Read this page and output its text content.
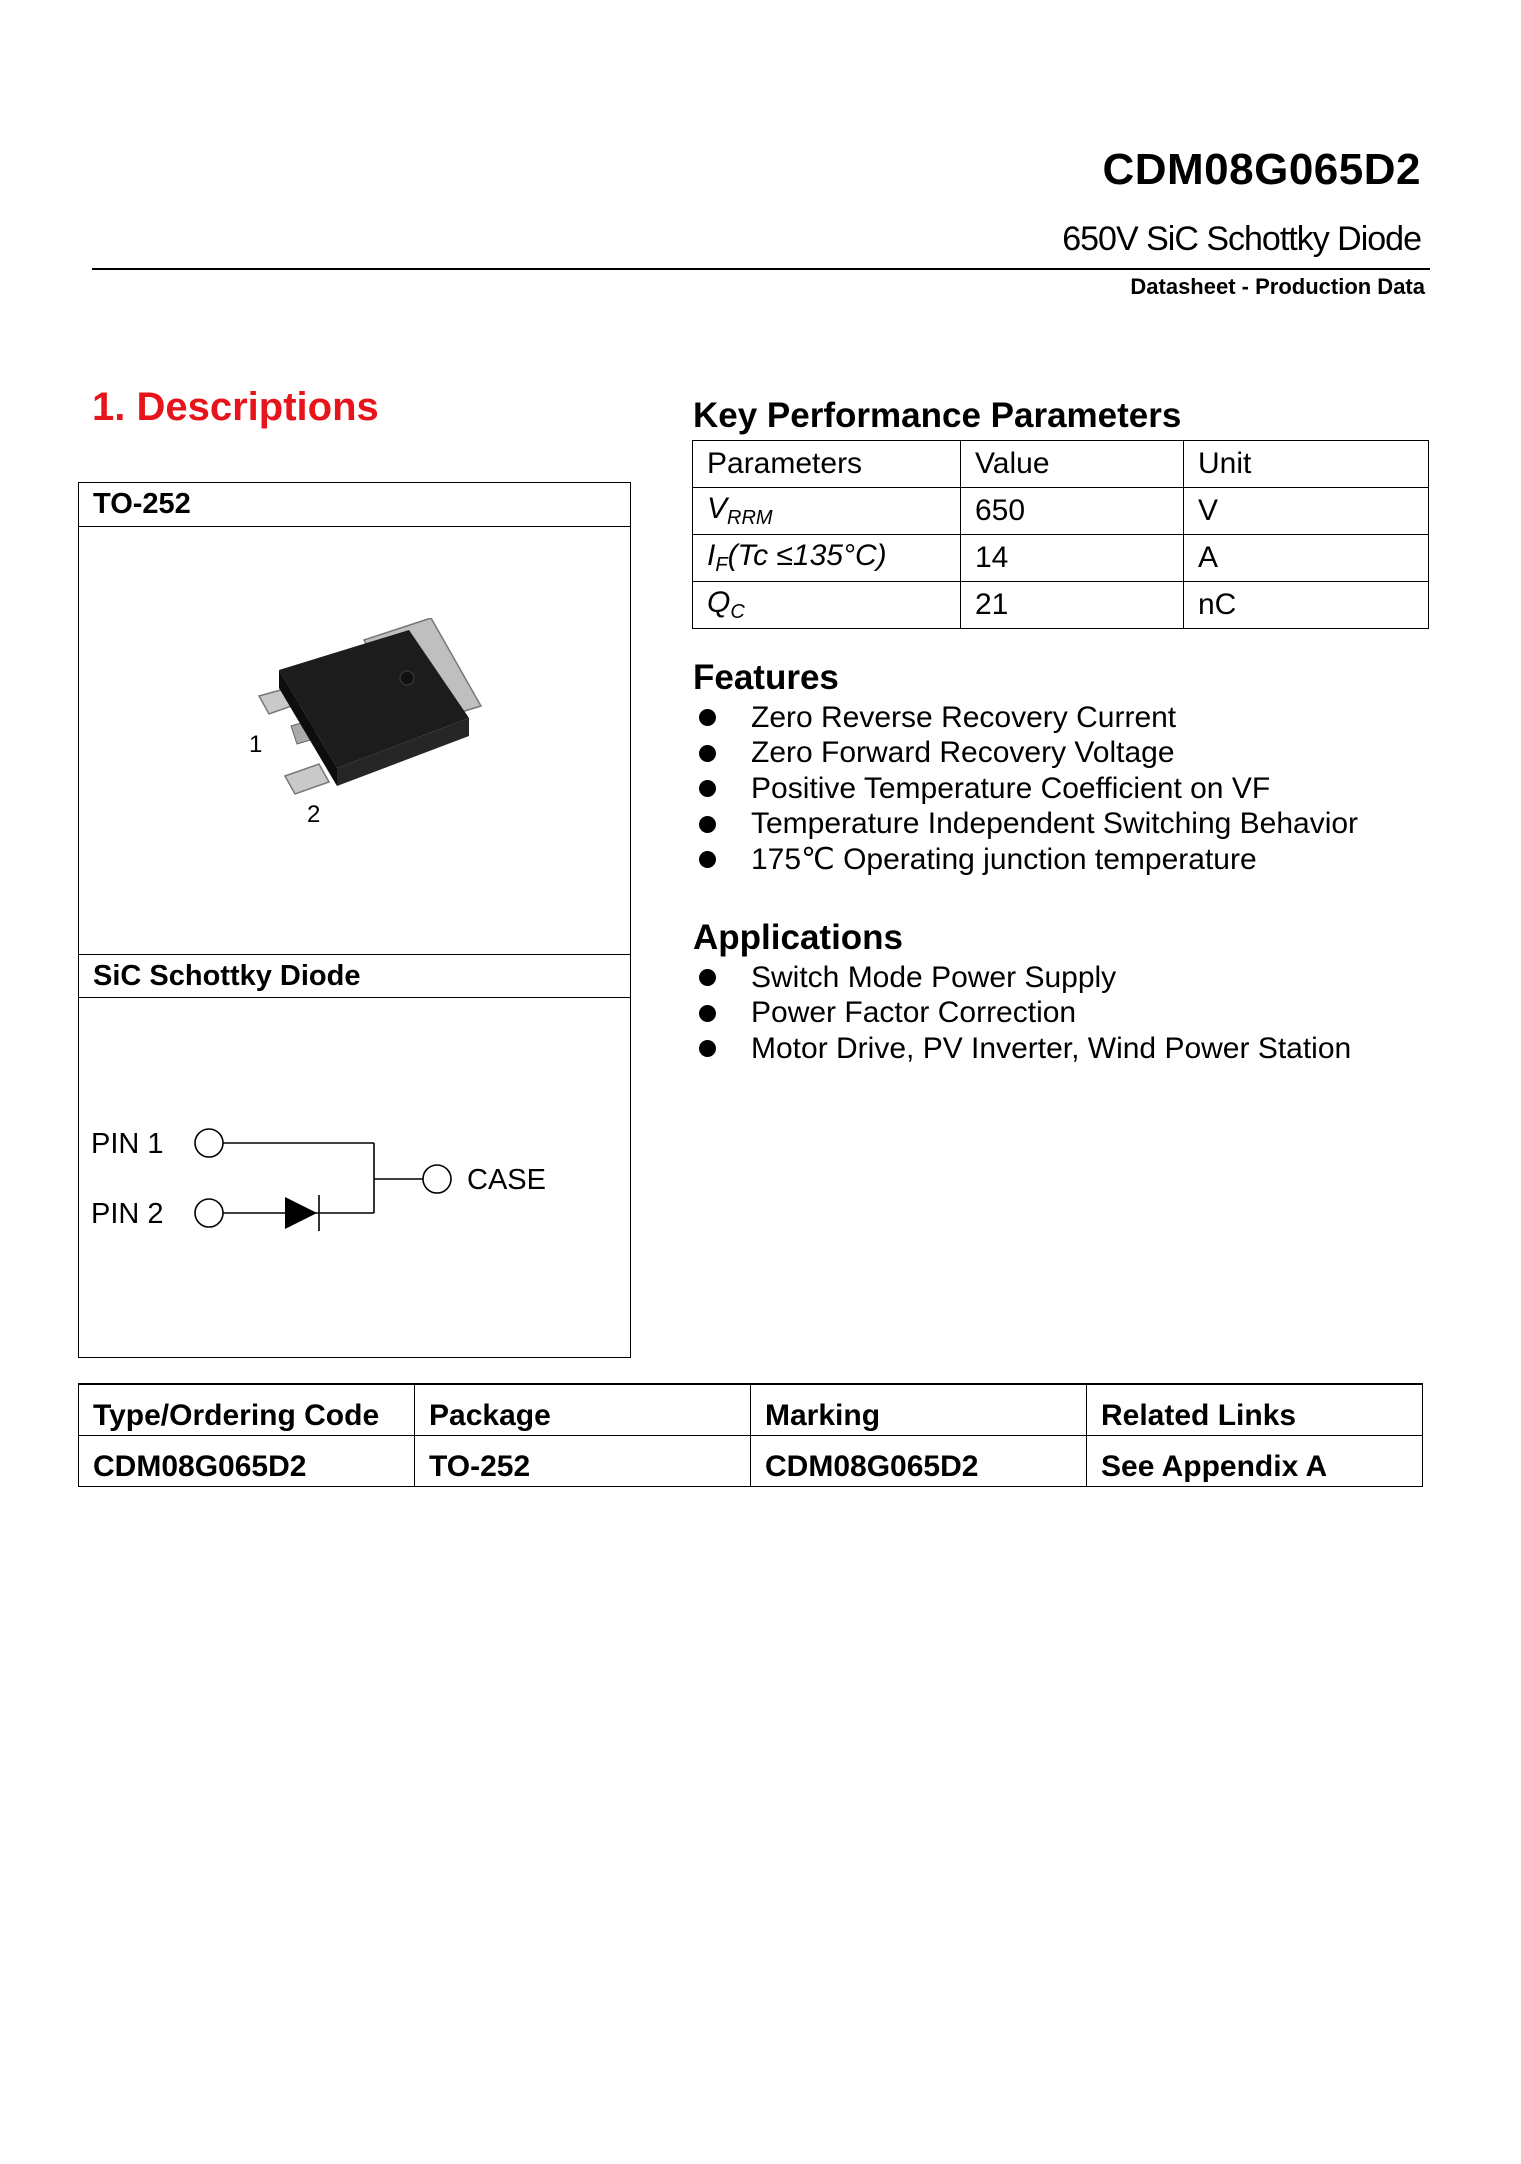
CDM08G065D2
650V SiC Schottky Diode
Datasheet - Production Data
1. Descriptions
TO-252
1
2
SiC Schottky Diode
PIN 1
PIN 2
CASE
Key Performance Parameters
Parameters	Value	Unit
$V_{RRM}$	650	V
$I_F(Tc \le 135^\circ C)$	14	A
$Q_C$	21	nC
Features
Zero Reverse Recovery Current
Zero Forward Recovery Voltage
Positive Temperature Coefficient on VF
Temperature Independent Switching Behavior
175℃ Operating junction temperature
Applications
Switch Mode Power Supply
Power Factor Correction
Motor Drive, PV Inverter, Wind Power Station
Type/Ordering Code	Package	Marking	Related Links
CDM08G065D2	TO-252	CDM08G065D2	See Appendix A
